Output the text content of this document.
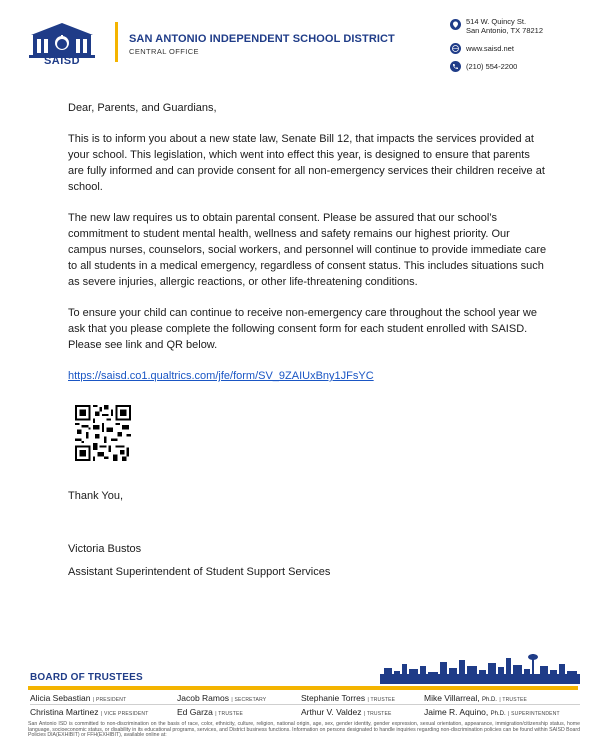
SAISD
SAN ANTONIO INDEPENDENT SCHOOL DISTRICT
CENTRAL OFFICE
514 W. Quincy St.
San Antonio, TX 78212
www.saisd.net
(210) 554-2200

Dear, Parents, and Guardians,

This is to inform you about a new state law, Senate Bill 12, that impacts the services provided at your school. This legislation, which went into effect this year, is designed to ensure that parents are fully informed and can provide consent for all non-emergency services their children receive at school.

The new law requires us to obtain parental consent. Please be assured that our school’s commitment to student mental health, wellness and safety remains our highest priority. Our campus nurses, counselors, social workers, and personnel will continue to provide immediate care to all students in a medical emergency, regardless of consent status. This includes situations such as severe injuries, allergic reactions, or other life-threatening conditions.

To ensure your child can continue to receive non-emergency care throughout the school year we ask that you please complete the following consent form for each student enrolled with SAISD. Please see link and QR below.

https://saisd.co1.qualtrics.com/jfe/form/SV_9ZAIUxBny1JFsYC
Thank You,
Victoria Bustos
Assistant Superintendent of Student Support Services
BOARD OF TRUSTEES
Alicia Sebastian | PRESIDENT	Jacob Ramos | SECRETARY	Stephanie Torres | TRUSTEE	Mike Villarreal, Ph.D. | TRUSTEE
Christina Martinez | VICE PRESIDENT	Ed Garza | TRUSTEE	Arthur V. Valdez | TRUSTEE	Jaime R. Aquino, Ph.D. | SUPERINTENDENT
San Antonio ISD is committed to non-discrimination on the basis of race, color, ethnicity, culture, religion, national origin, age, sex, gender identity, gender expression, sexual orientation, appearance, immigration/citizenship status, home language, socioeconomic status, or disability in its educational programs, services, and District business functions. Information on persons designated to handle inquiries regarding non-discrimination policies can be found within SAISD Board Policies DIA(EXHIBIT) or FFH(EXHIBIT), available online at:
